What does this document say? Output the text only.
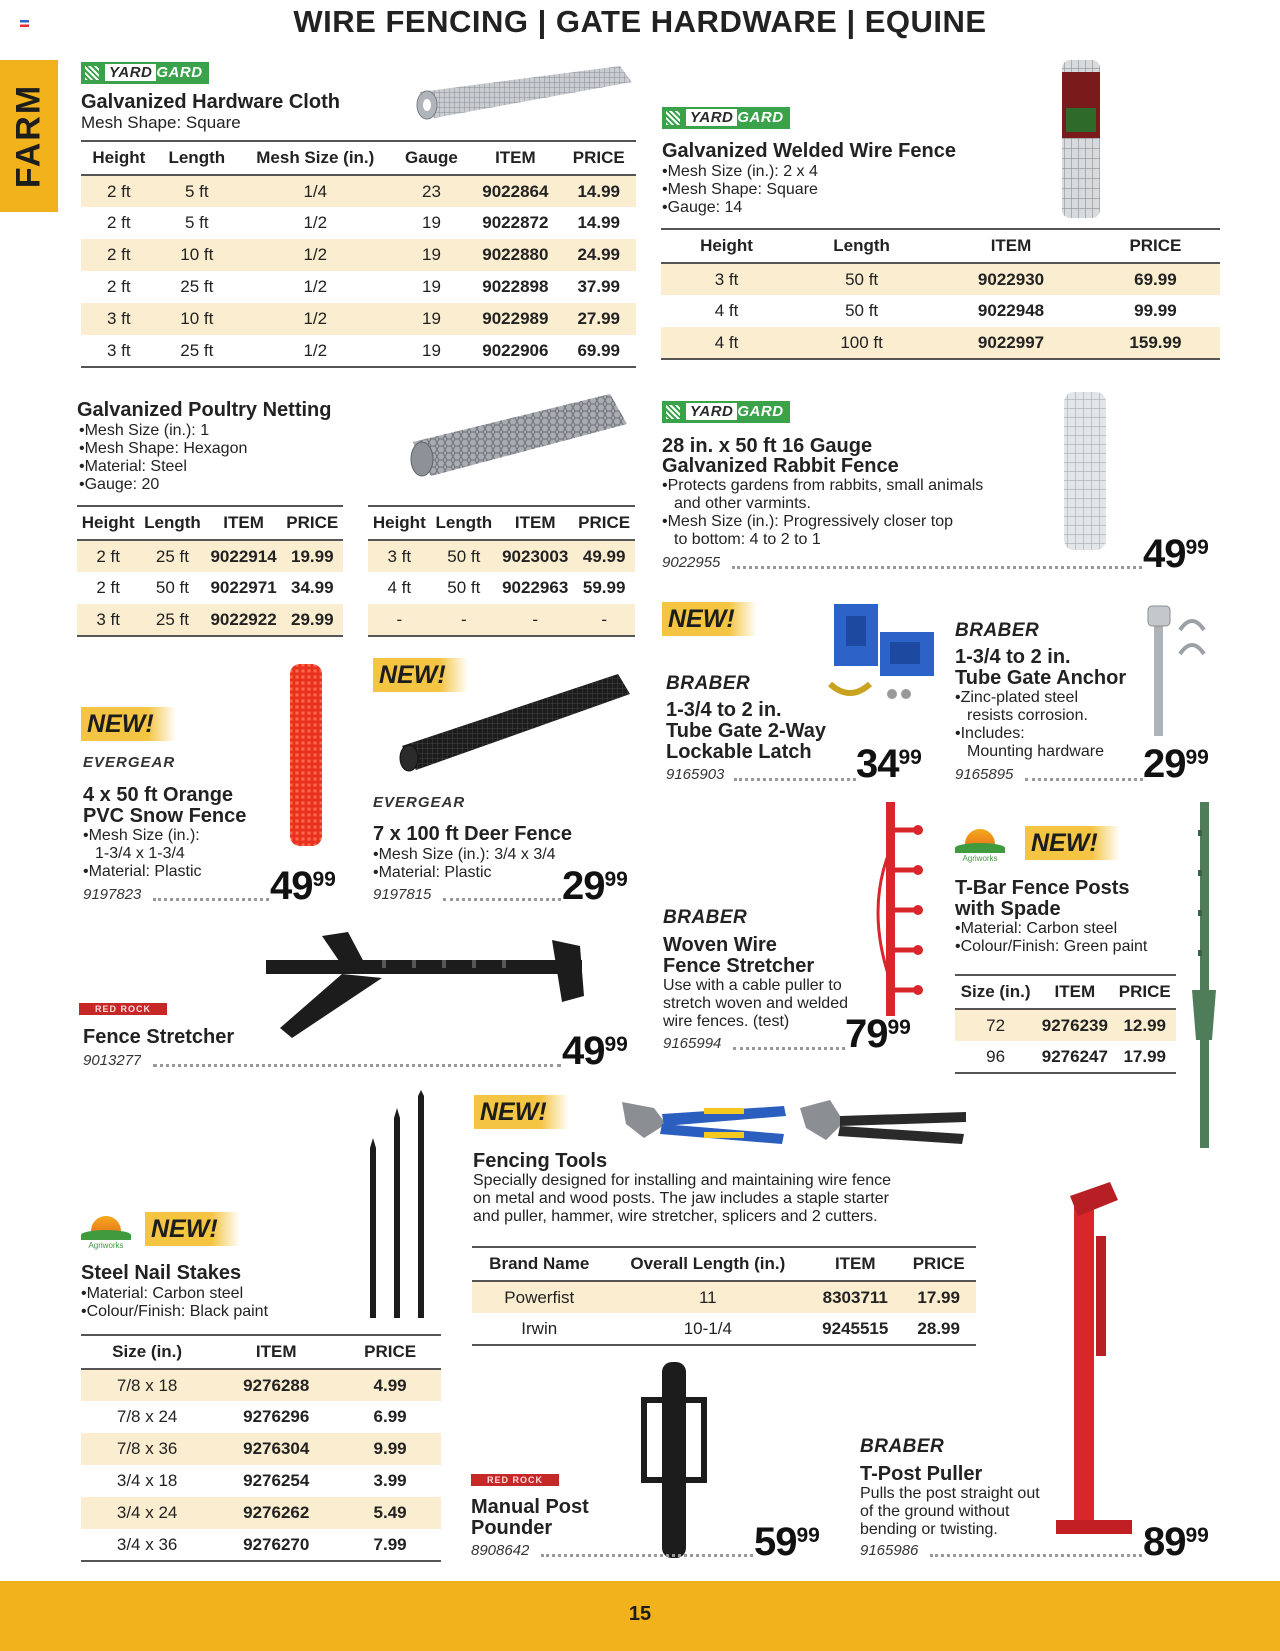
WIRE FENCING | GATE HARDWARE | EQUINE
FARM
YARD GARD
Galvanized Hardware Cloth
Mesh Shape: Square
Height	Length	Mesh Size (in.)	Gauge	ITEM	PRICE
2 ft	5 ft	1/4	23	9022864	14.99
2 ft	5 ft	1/2	19	9022872	14.99
2 ft	10 ft	1/2	19	9022880	24.99
2 ft	25 ft	1/2	19	9022898	37.99
3 ft	10 ft	1/2	19	9022989	27.99
3 ft	25 ft	1/2	19	9022906	69.99
YARD GARD
Galvanized Welded Wire Fence
•Mesh Size (in.): 2 x 4
•Mesh Shape: Square
•Gauge: 14
Height	Length	ITEM	PRICE
3 ft	50 ft	9022930	69.99
4 ft	50 ft	9022948	99.99
4 ft	100 ft	9022997	159.99
Galvanized Poultry Netting
•Mesh Size (in.): 1
•Mesh Shape: Hexagon
•Material: Steel
•Gauge: 20
Height	Length	ITEM	PRICE
2 ft	25 ft	9022914	19.99
2 ft	50 ft	9022971	34.99
3 ft	25 ft	9022922	29.99
Height	Length	ITEM	PRICE
3 ft	50 ft	9023003	49.99
4 ft	50 ft	9022963	59.99
-	-	-	-
YARD GARD
28 in. x 50 ft 16 Gauge
Galvanized Rabbit Fence
•Protects gardens from rabbits, small animals
and other varmints.
•Mesh Size (in.): Progressively closer top
to bottom: 4 to 2 to 1
9022955	$49^{99}$
NEW!
BRABER
1-3/4 to 2 in.
Tube Gate 2-Way
Lockable Latch
9165903	$34^{99}$
BRABER
1-3/4 to 2 in.
Tube Gate Anchor
•Zinc-plated steel
resists corrosion.
•Includes:
Mounting hardware
9165895	$29^{99}$
NEW!
EVERGEAR
4 x 50 ft Orange
PVC Snow Fence
•Mesh Size (in.):
1-3/4 x 1-3/4
•Material: Plastic
9197823	$49^{99}$
NEW!
EVERGEAR
7 x 100 ft Deer Fence
•Mesh Size (in.): 3/4 x 3/4
•Material: Plastic
9197815	$29^{99}$
BRABER
Woven Wire
Fence Stretcher
Use with a cable puller to
stretch woven and welded
wire fences. (test)
9165994	$79^{99}$
Agriworks
NEW!
T-Bar Fence Posts
with Spade
•Material: Carbon steel
•Colour/Finish: Green paint
Size (in.)	ITEM	PRICE
72	9276239	12.99
96	9276247	17.99
RED ROCK
Fence Stretcher
9013277	$49^{99}$
NEW!
Fencing Tools
Specially designed for installing and maintaining wire fence
on metal and wood posts. The jaw includes a staple starter
and puller, hammer, wire stretcher, splicers and 2 cutters.
Brand Name	Overall Length (in.)	ITEM	PRICE
Powerfist	11	8303711	17.99
Irwin	10-1/4	9245515	28.99
Agriworks
NEW!
Steel Nail Stakes
•Material: Carbon steel
•Colour/Finish: Black paint
Size (in.)	ITEM	PRICE
7/8 x 18	9276288	4.99
7/8 x 24	9276296	6.99
7/8 x 36	9276304	9.99
3/4 x 18	9276254	3.99
3/4 x 24	9276262	5.49
3/4 x 36	9276270	7.99
RED ROCK
Manual Post
Pounder
8908642	$59^{99}$
BRABER
T-Post Puller
Pulls the post straight out
of the ground without
bending or twisting.
9165986	$89^{99}$
15
